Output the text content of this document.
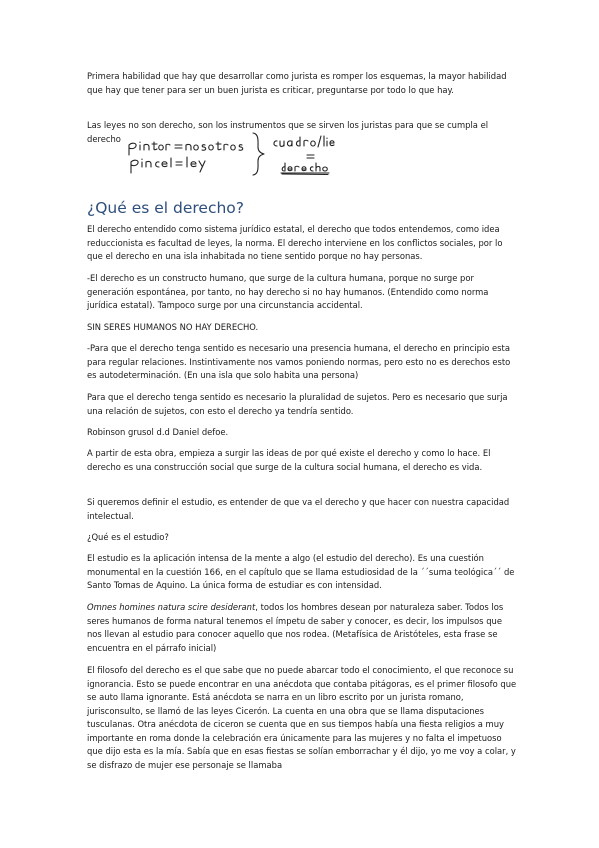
Primera habilidad que hay que desarrollar como jurista es romper los esquemas, la mayor habilidad que hay que tener para ser un buen jurista es criticar, preguntarse por todo lo que hay.

Las leyes no son derecho, son los instrumentos que se sirven los juristas para que se cumpla el derecho

¿Qué es el derecho?

El derecho entendido como sistema jurídico estatal, el derecho que todos entendemos, como idea reduccionista es facultad de leyes, la norma. El derecho interviene en los conflictos sociales, por lo que el derecho en una isla inhabitada no tiene sentido porque no hay personas.

-El derecho es un constructo humano, que surge de la cultura humana, porque no surge por generación espontánea, por tanto, no hay derecho si no hay humanos. (Entendido como norma jurídica estatal). Tampoco surge por una circunstancia accidental.

SIN SERES HUMANOS NO HAY DERECHO.

-Para que el derecho tenga sentido es necesario una presencia humana, el derecho en principio esta para regular relaciones. Instintivamente nos vamos poniendo normas, pero esto no es derechos esto es autodeterminación. (En una isla que solo habita una persona)

Para que el derecho tenga sentido es necesario la pluralidad de sujetos. Pero es necesario que surja una relación de sujetos, con esto el derecho ya tendría sentido.

Robinson grusol d.d Daniel defoe.

A partir de esta obra, empieza a surgir las ideas de por qué existe el derecho y como lo hace. El derecho es una construcción social que surge de la cultura social humana, el derecho es vida.

Si queremos definir el estudio, es entender de que va el derecho y que hacer con nuestra capacidad intelectual.

¿Qué es el estudio?

El estudio es la aplicación intensa de la mente a algo (el estudio del derecho). Es una cuestión monumental en la cuestión 166, en el capítulo que se llama estudiosidad de la ´´suma teológica´´ de Santo Tomas de Aquino. La única forma de estudiar es con intensidad.

Omnes homines natura scire desiderant, todos los hombres desean por naturaleza saber. Todos los seres humanos de forma natural tenemos el ímpetu de saber y conocer, es decir, los impulsos que nos llevan al estudio para conocer aquello que nos rodea. (Metafísica de Aristóteles, esta frase se encuentra en el párrafo inicial)

El filosofo del derecho es el que sabe que no puede abarcar todo el conocimiento, el que reconoce su ignorancia. Esto se puede encontrar en una anécdota que contaba pitágoras, es el primer filosofo que se auto llama ignorante. Está anécdota se narra en un libro escrito por un jurista romano, jurisconsulto, se llamó de las leyes Cicerón. La cuenta en una obra que se llama disputaciones tusculanas. Otra anécdota de ciceron se cuenta que en sus tiempos había una fiesta religios a muy importante en roma donde la celebración era únicamente para las mujeres y no falta el impetuoso que dijo esta es la mía. Sabía que en esas fiestas se solían emborrachar y él dijo, yo me voy a colar, y se disfrazo de mujer ese personaje se llamaba
